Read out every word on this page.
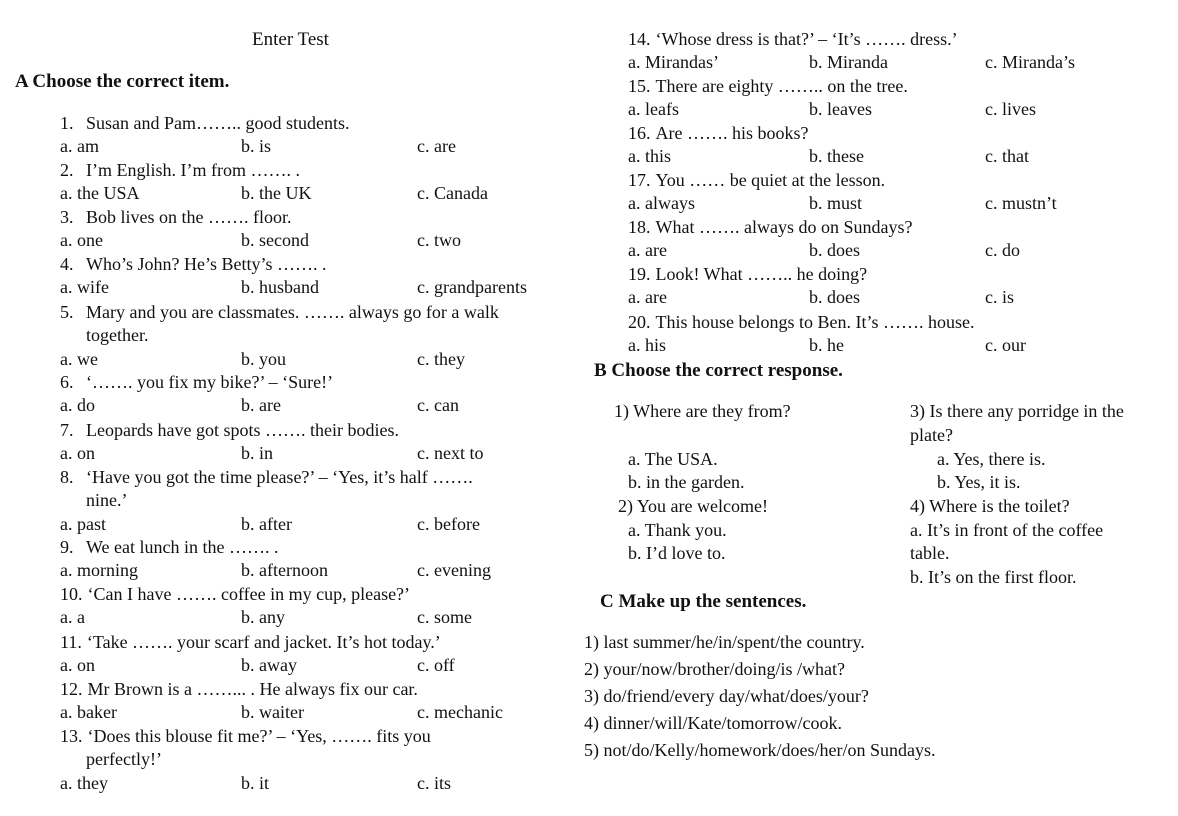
Enter Test
A Choose the correct item.
1. Susan and Pam…….. good students.
a. am	b. is	c. are
2. I’m English. I’m from ……. .
a. the USA	b. the UK	c. Canada
3. Bob lives on the ……. floor.
a. one	b. second	c. two
4. Who’s John? He’s Betty’s ……. .
a. wife	b. husband	c. grandparents
5. Mary and you are classmates. ……. always go for a walk
together.
a. we	b. you	c. they
6. ‘……. you fix my bike?’ – ‘Sure!’
a. do	b. are	c. can
7. Leopards have got spots ……. their bodies.
a. on	b. in	c. next to
8. ‘Have you got the time please?’ – ‘Yes, it’s half …….
nine.’
a. past	b. after	c. before
9. We eat lunch in the ……. .
a. morning	b. afternoon	c. evening
10. ‘Can I have ……. coffee in my cup, please?’
a. a	b. any	c. some
11. ‘Take ……. your scarf and jacket. It’s hot today.’
a. on	b. away	c. off
12. Mr Brown is a ……... . He always fix our car.
a. baker	b. waiter	c. mechanic
13. ‘Does this blouse fit me?’ – ‘Yes, ……. fits you
perfectly!’
a. they	b. it	c. its
14. ‘Whose dress is that?’ – ‘It’s ……. dress.’
a. Mirandas’	b. Miranda	c. Miranda’s
15. There are eighty …….. on the tree.
a. leafs	b. leaves	c. lives
16. Are ……. his books?
a. this	b. these	c. that
17. You …… be quiet at the lesson.
a. always	b. must	c. mustn’t
18. What ……. always do on Sundays?
a. are	b. does	c. do
19. Look! What …….. he doing?
a. are	b. does	c. is
20. This house belongs to Ben. It’s ……. house.
a. his	b. he	c. our
B Choose the correct response.
1) Where are they from?
a. The USA.
b. in the garden.
2) You are welcome!
a. Thank you.
b. I’d love to.
3) Is there any porridge in the
plate?
a. Yes, there is.
b. Yes, it is.
4) Where is the toilet?
a. It’s in front of the coffee
table.
b. It’s on the first floor.
C Make up the sentences.
1) last summer/he/in/spent/the country.
2) your/now/brother/doing/is /what?
3) do/friend/every day/what/does/your?
4) dinner/will/Kate/tomorrow/cook.
5) not/do/Kelly/homework/does/her/on Sundays.
